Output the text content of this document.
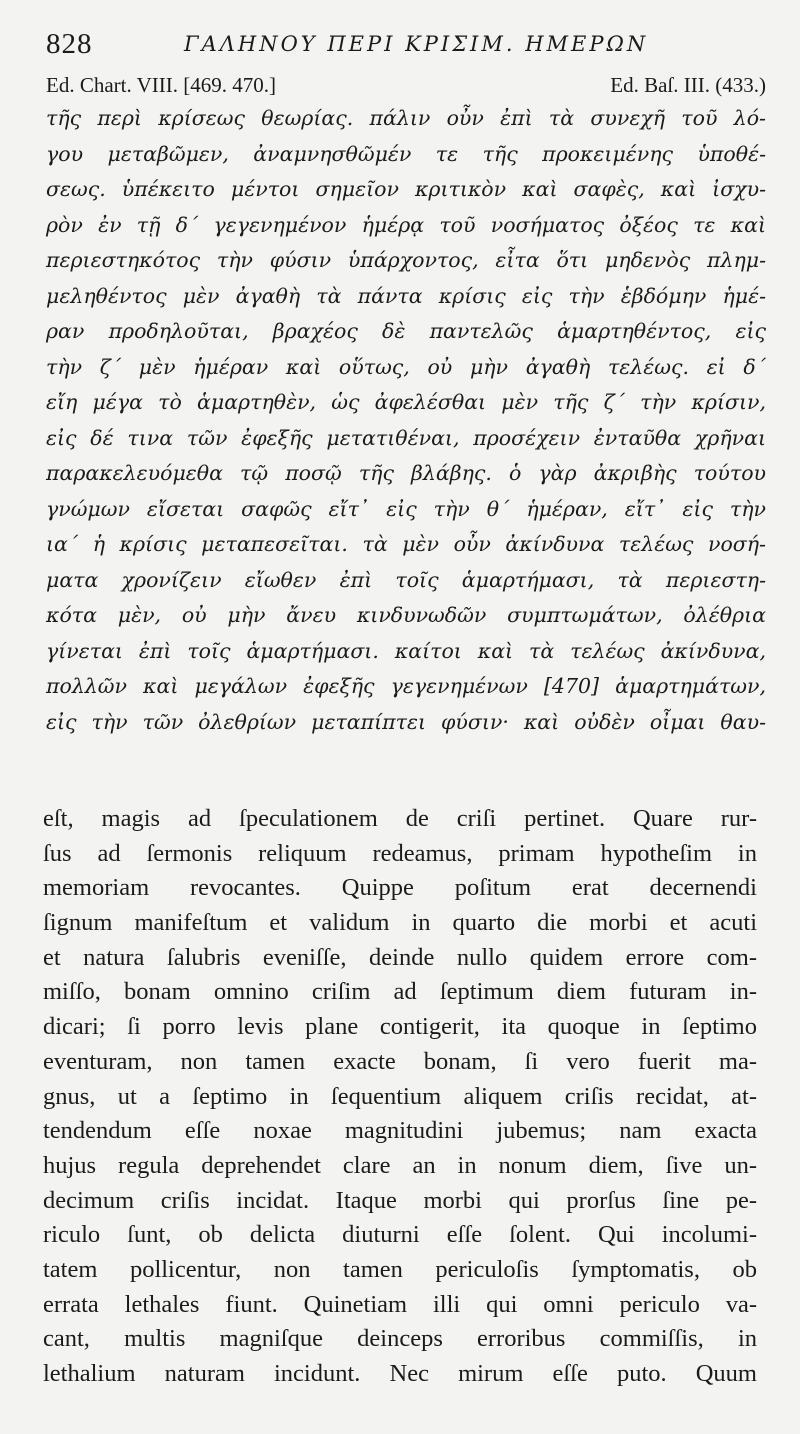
828	ΓΑΛΗΝΟΥ ΠΕΡΙ ΚΡΙΣΙΜ. ΗΜΕΡΩΝ
Ed. Chart. VIII. [469. 470.]	Ed. Baſ. III. (433.)
τῆς περὶ κρίσεως θεωρίας. πάλιν οὖν ἐπὶ τὰ συνεχῆ τοῦ λό-
γου μεταβῶμεν, ἀναμνησθῶμέν τε τῆς προκειμένης ὑποθέ-
σεως. ὑπέκειτο μέντοι σημεῖον κριτικὸν καὶ σαφὲς, καὶ ἰσχυ-
ρὸν ἐν τῇ δ΄ γεγενημένον ἡμέρᾳ τοῦ νοσήματος ὀξέος τε καὶ
περιεστηκότος τὴν φύσιν ὑπάρχοντος, εἶτα ὅτι μηδενὸς πλημ-
μεληθέντος μὲν ἀγαθὴ τὰ πάντα κρίσις εἰς τὴν ἑβδόμην ἡμέ-
ραν προδηλοῦται, βραχέος δὲ παντελῶς ἁμαρτηθέντος, εἰς
τὴν ζ΄ μὲν ἡμέραν καὶ οὕτως, οὐ μὴν ἀγαθὴ τελέως. εἰ δ΄
εἴη μέγα τὸ ἁμαρτηθὲν, ὡς ἀφελέσθαι μὲν τῆς ζ΄ τὴν κρίσιν,
εἰς δέ τινα τῶν ἐφεξῆς μετατιθέναι, προσέχειν ἐνταῦθα χρῆναι
παρακελευόμεθα τῷ ποσῷ τῆς βλάβης. ὁ γὰρ ἀκριβὴς τούτου
γνώμων εἴσεται σαφῶς εἴτ᾽ εἰς τὴν θ΄ ἡμέραν, εἴτ᾽ εἰς τὴν
ια΄ ἡ κρίσις μεταπεσεῖται. τὰ μὲν οὖν ἀκίνδυνα τελέως νοσή-
ματα χρονίζειν εἴωθεν ἐπὶ τοῖς ἁμαρτήμασι, τὰ περιεστη-
κότα μὲν, οὐ μὴν ἄνευ κινδυνωδῶν συμπτωμάτων, ὀλέθρια
γίνεται ἐπὶ τοῖς ἁμαρτήμασι. καίτοι καὶ τὰ τελέως ἀκίνδυνα,
πολλῶν καὶ μεγάλων ἐφεξῆς γεγενημένων [470] ἁμαρτημάτων,
εἰς τὴν τῶν ὀλεθρίων μεταπίπτει φύσιν· καὶ οὐδὲν οἶμαι θαυ-
eſt, magis ad ſpeculationem de criſi pertinet. Quare rur-
ſus ad ſermonis reliquum redeamus, primam hypotheſim in
memoriam revocantes. Quippe poſitum erat decernendi
ſignum manifeſtum et validum in quarto die morbi et acuti
et natura ſalubris eveniſſe, deinde nullo quidem errore com-
miſſo, bonam omnino criſim ad ſeptimum diem futuram in-
dicari; ſi porro levis plane contigerit, ita quoque in ſeptimo
eventuram, non tamen exacte bonam, ſi vero fuerit ma-
gnus, ut a ſeptimo in ſequentium aliquem criſis recidat, at-
tendendum eſſe noxae magnitudini jubemus; nam exacta
hujus regula deprehendet clare an in nonum diem, ſive un-
decimum criſis incidat. Itaque morbi qui prorſus ſine pe-
riculo ſunt, ob delicta diuturni eſſe ſolent. Qui incolumi-
tatem pollicentur, non tamen periculoſis ſymptomatis, ob
errata lethales fiunt. Quinetiam illi qui omni periculo va-
cant, multis magniſque deinceps erroribus commiſſis, in
lethalium naturam incidunt. Nec mirum eſſe puto. Quum
